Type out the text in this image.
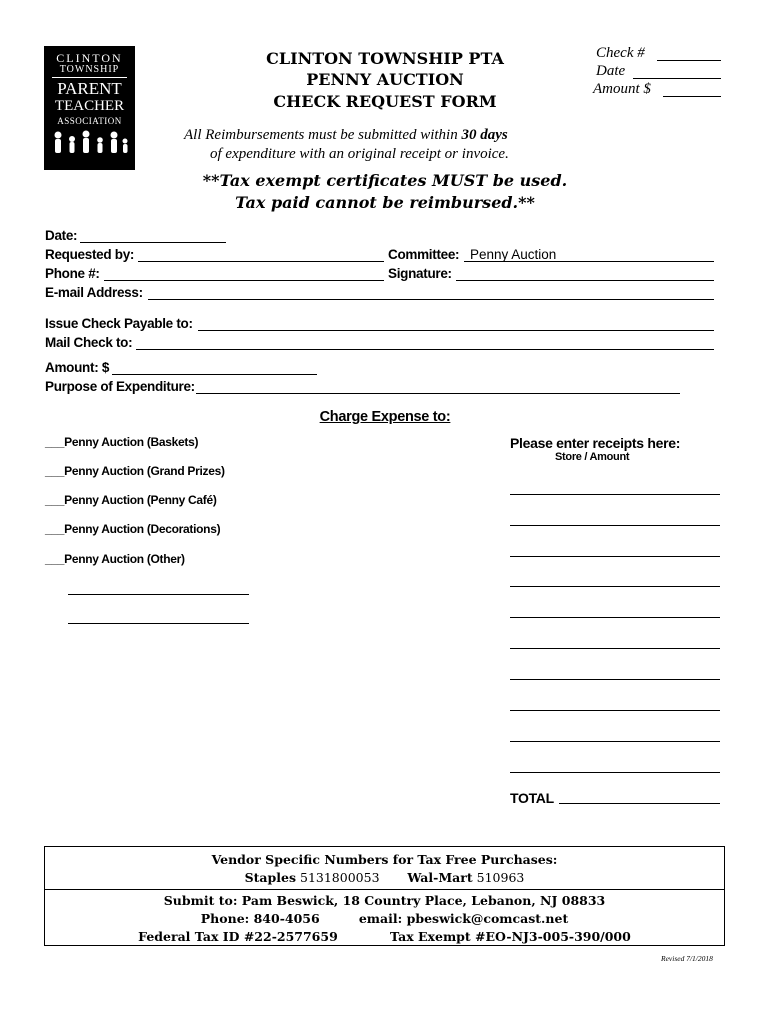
CLINTON
TOWNSHIP
PARENT
TEACHER
ASSOCIATION
CLINTON TOWNSHIP PTA
PENNY AUCTION
CHECK REQUEST FORM
Check #
Date
Amount $
All Reimbursements must be submitted within 30 days
of expenditure with an original receipt or invoice.
**Tax exempt certificates MUST be used.
Tax paid cannot be reimbursed.**
Date:
Requested by:	Committee: Penny Auction
Phone #:	Signature:
E-mail Address:
Issue Check Payable to:
Mail Check to:
Amount: $
Purpose of Expenditure:
Charge Expense to:
___Penny Auction (Baskets)
___Penny Auction (Grand Prizes)
___Penny Auction (Penny Café)
___Penny Auction (Decorations)
___Penny Auction (Other)
Please enter receipts here:
Store / Amount
TOTAL
Vendor Specific Numbers for Tax Free Purchases:
Staples 5131800053 Wal-Mart 510963
Submit to: Pam Beswick, 18 Country Place, Lebanon, NJ 08833
Phone: 840-4056	email: pbeswick@comcast.net
Federal Tax ID #22-2577659	Tax Exempt #EO-NJ3-005-390/000
Revised 7/1/2018
